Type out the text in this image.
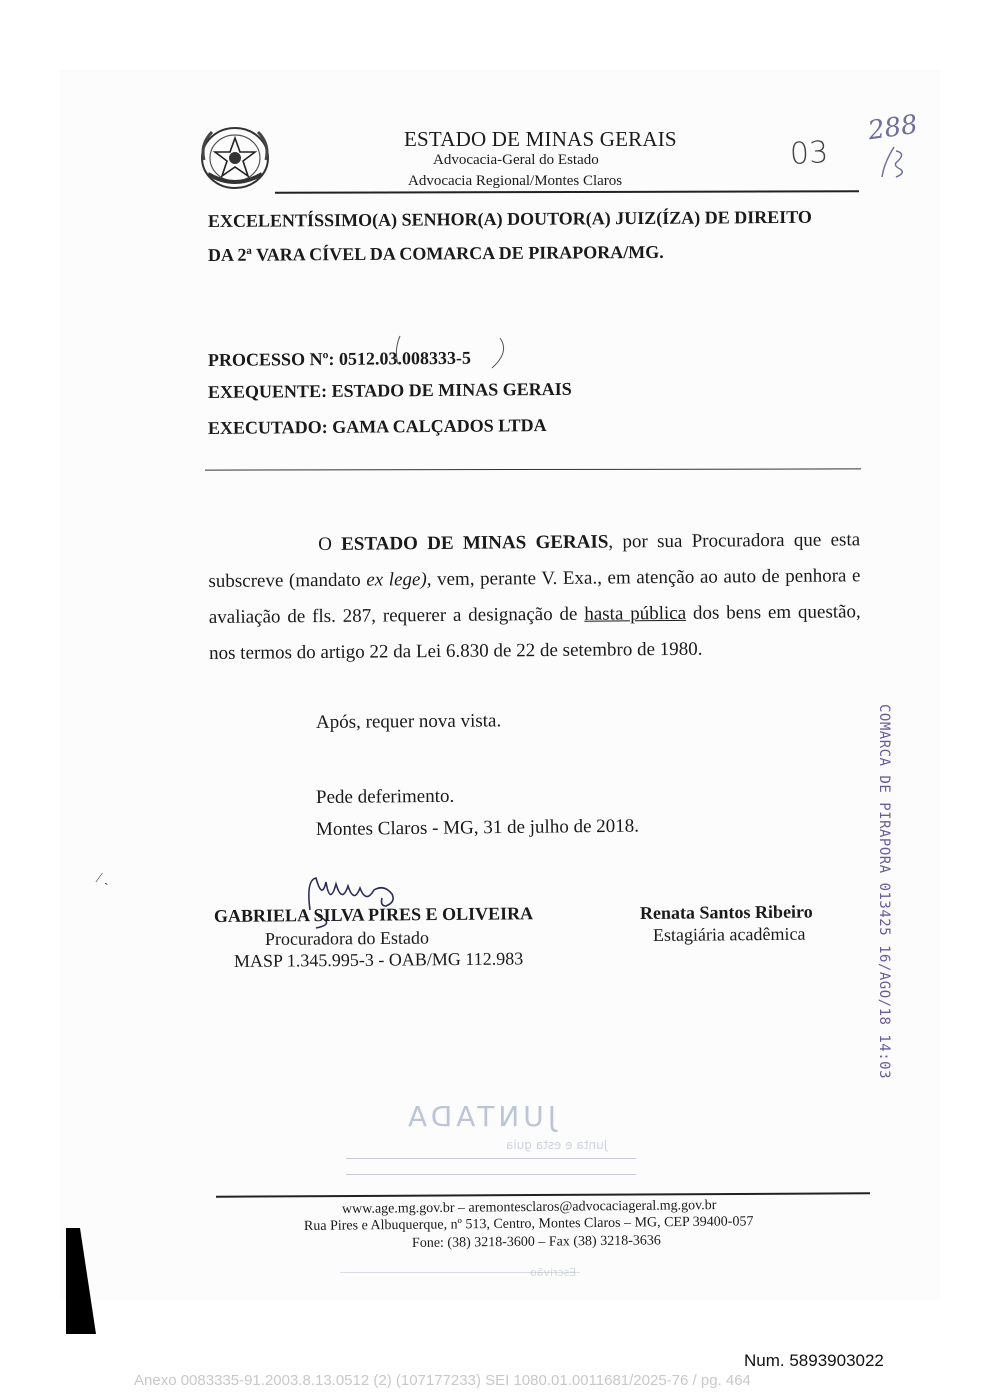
ESTADO DE MINAS GERAIS
Advocacia-Geral do Estado
Advocacia Regional/Montes Claros
03
288
EXCELENTÍSSIMO(A) SENHOR(A) DOUTOR(A) JUIZ(ÍZA) DE DIREITO
DA 2ª VARA CÍVEL DA COMARCA DE PIRAPORA/MG.
PROCESSO Nº: 0512.03.008333-5
EXEQUENTE: ESTADO DE MINAS GERAIS
EXECUTADO: GAMA CALÇADOS LTDA
O ESTADO DE MINAS GERAIS, por sua Procuradora que esta subscreve (mandato ex lege), vem, perante V. Exa., em atenção ao auto de penhora e avaliação de fls. 287, requerer a designação de hasta pública dos bens em questão, nos termos do artigo 22 da Lei 6.830 de 22 de setembro de 1980.
Após, requer nova vista.
Pede deferimento.
Montes Claros - MG, 31 de julho de 2018.
⁄ ˎ
GABRIELA SILVA PIRES E OLIVEIRA
Procuradora do Estado
MASP 1.345.995-3 - OAB/MG 112.983
Renata Santos Ribeiro
Estagiária acadêmica	COMARCA DE PIRAPORA 013425 16/AGO/18 14:03
JUNTADA
Junta e esta guia
www.age.mg.gov.br – aremontesclaros@advocaciageral.mg.gov.br
Rua Pires e Albuquerque, nº 513, Centro, Montes Claros – MG, CEP 39400-057
Fone: (38) 3218-3600 – Fax (38) 3218-3636
Escrivão
Num. 5893903022
Anexo 0083335-91.2003.8.13.0512 (2) (107177233) SEI 1080.01.0011681/2025-76 / pg. 464
